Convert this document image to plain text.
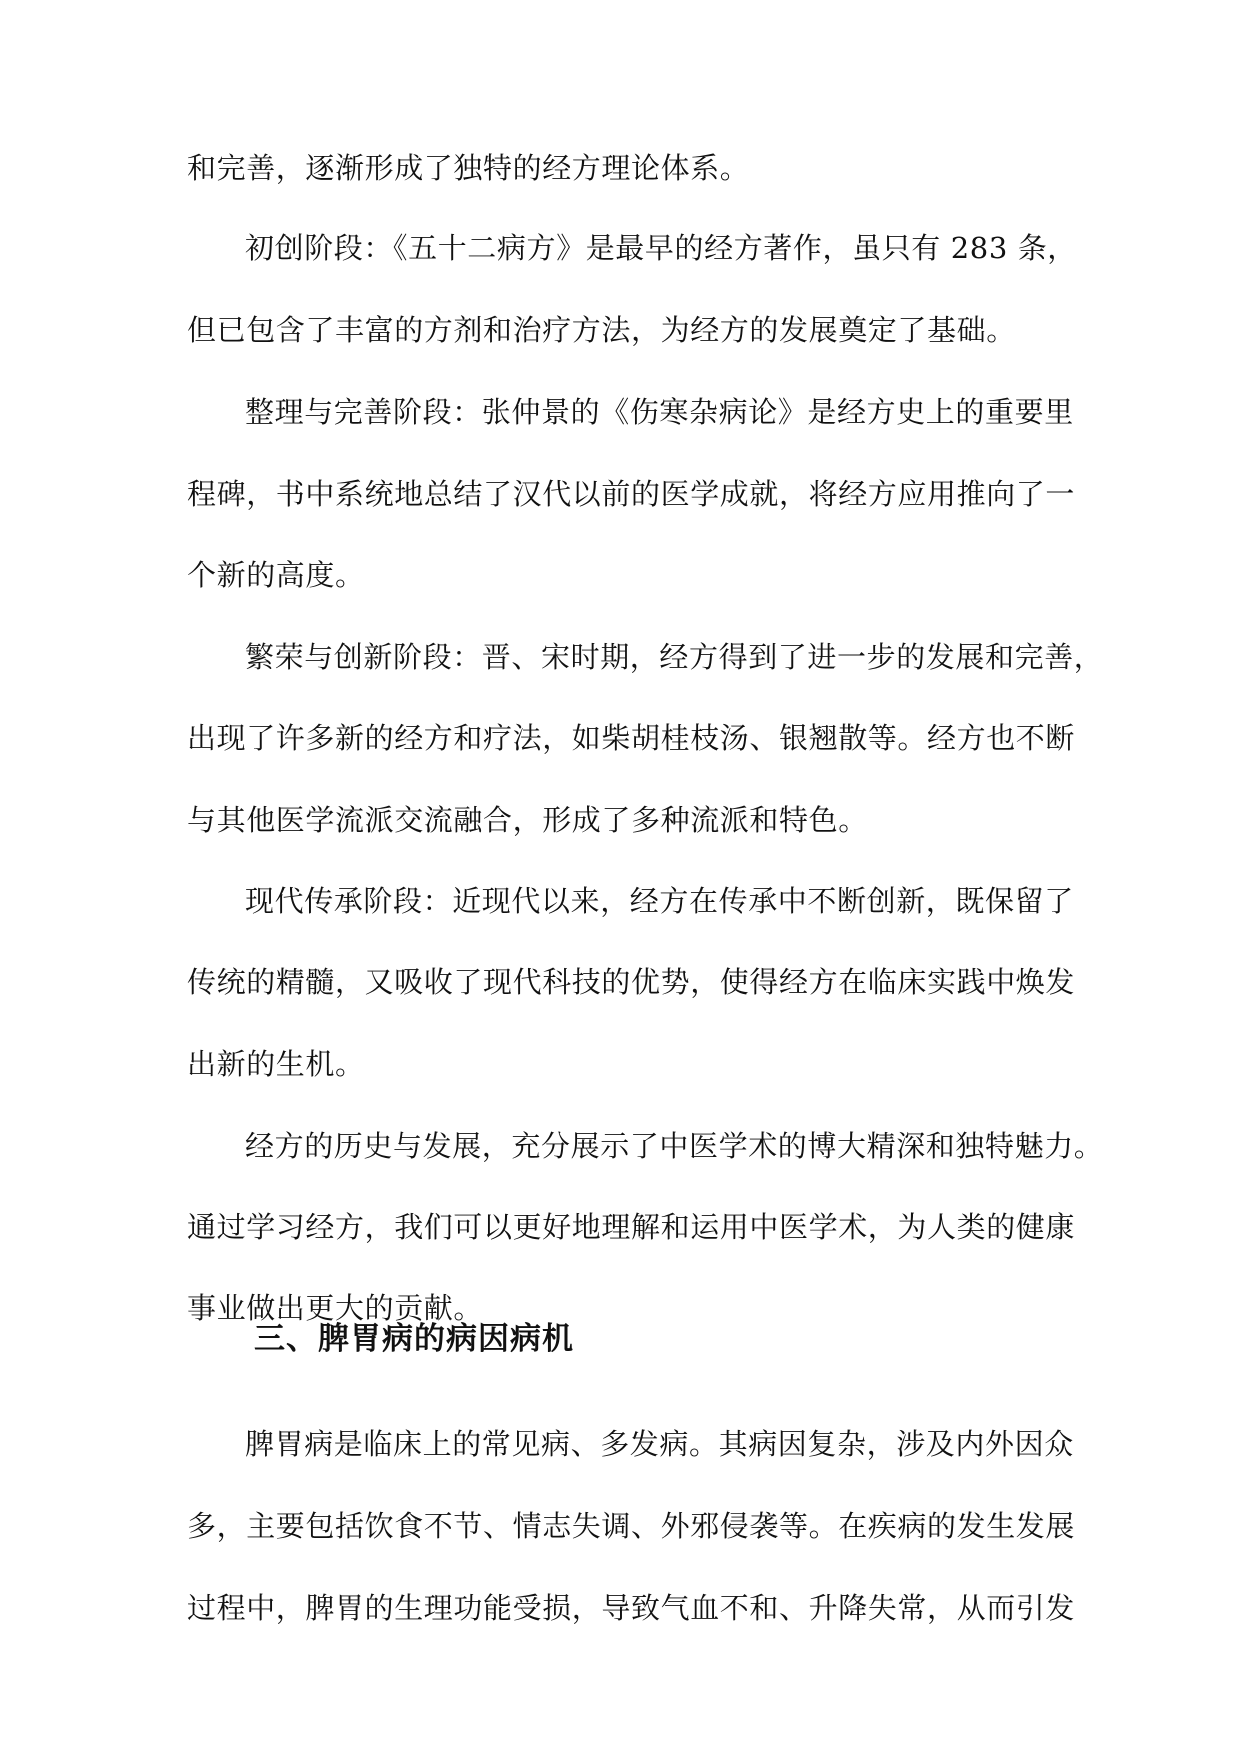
和完善，逐渐形成了独特的经方理论体系。
初创阶段：《五十二病方》是最早的经方著作，虽只有 283 条，
但已包含了丰富的方剂和治疗方法，为经方的发展奠定了基础。
整理与完善阶段：张仲景的《伤寒杂病论》是经方史上的重要里
程碑，书中系统地总结了汉代以前的医学成就，将经方应用推向了一
个新的高度。
繁荣与创新阶段：晋、宋时期，经方得到了进一步的发展和完善，
出现了许多新的经方和疗法，如柴胡桂枝汤、银翘散等。经方也不断
与其他医学流派交流融合，形成了多种流派和特色。
现代传承阶段：近现代以来，经方在传承中不断创新，既保留了
传统的精髓，又吸收了现代科技的优势，使得经方在临床实践中焕发
出新的生机。
经方的历史与发展，充分展示了中医学术的博大精深和独特魅力。
通过学习经方，我们可以更好地理解和运用中医学术，为人类的健康
事业做出更大的贡献。
三、脾胃病的病因病机
脾胃病是临床上的常见病、多发病。其病因复杂，涉及内外因众
多，主要包括饮食不节、情志失调、外邪侵袭等。在疾病的发生发展
过程中，脾胃的生理功能受损，导致气血不和、升降失常，从而引发
